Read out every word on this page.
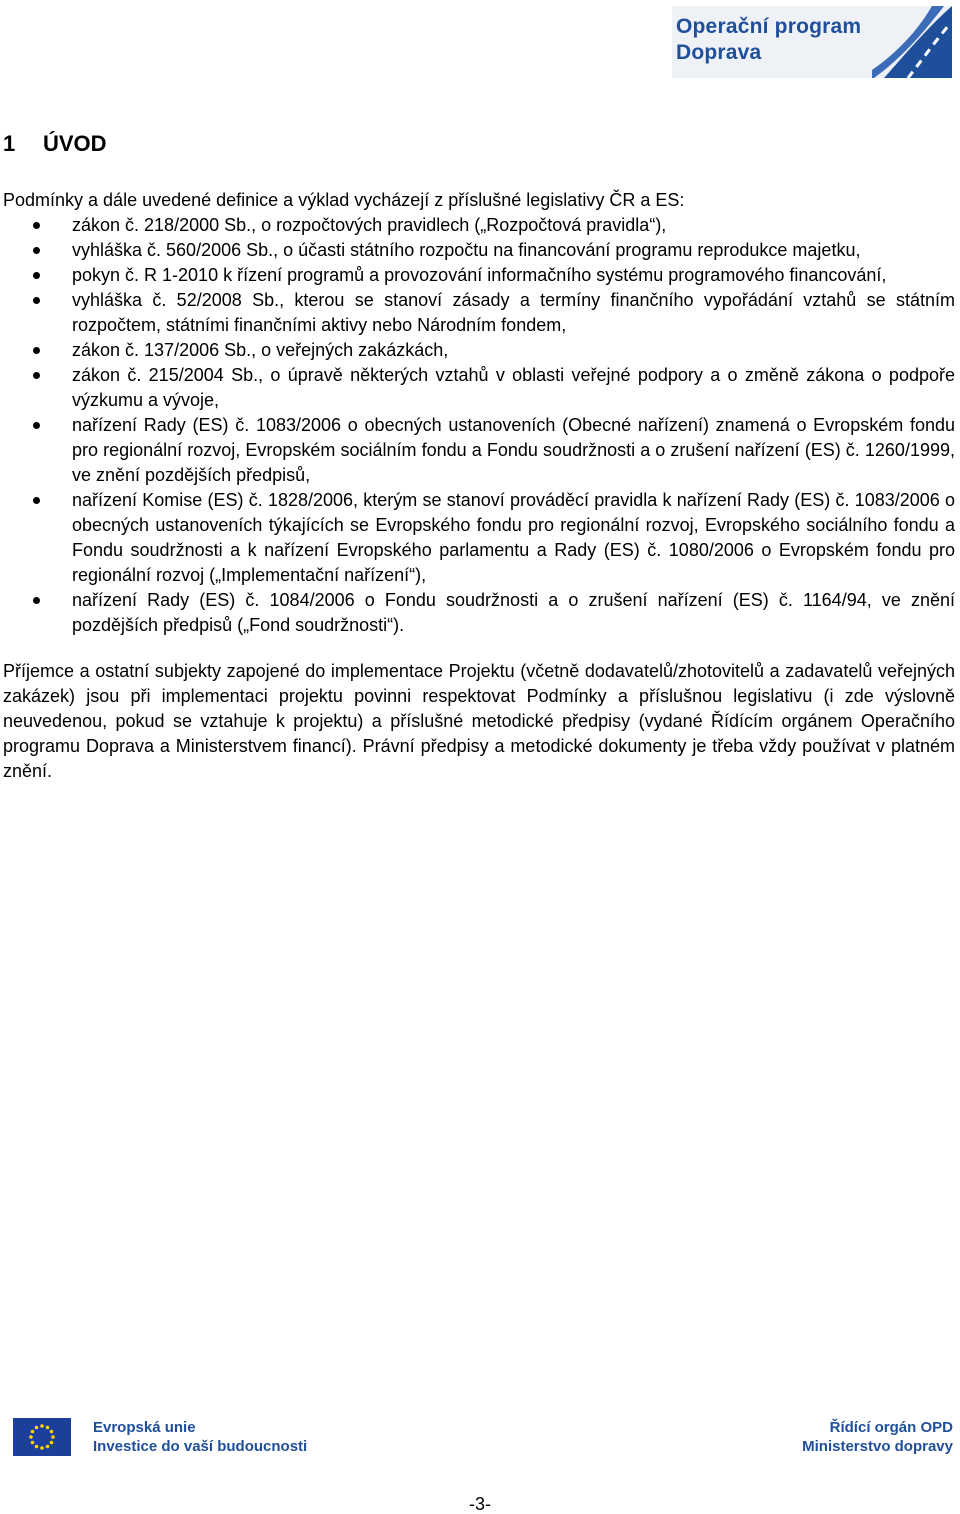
Operační program
Doprava
1 ÚVOD

Podmínky a dále uvedené definice a výklad vycházejí z příslušné legislativy ČR a ES:

zákon č. 218/2000 Sb., o rozpočtových pravidlech („Rozpočtová pravidla“),
vyhláška č. 560/2006 Sb., o účasti státního rozpočtu na financování programu reprodukce majetku,
pokyn č. R 1-2010 k řízení programů a provozování informačního systému programového financování,
vyhláška č. 52/2008 Sb., kterou se stanoví zásady a termíny finančního vypořádání vztahů se státním rozpočtem, státními finančními aktivy nebo Národním fondem,
zákon č. 137/2006 Sb., o veřejných zakázkách,
zákon č. 215/2004 Sb., o úpravě některých vztahů v oblasti veřejné podpory a o změně zákona o podpoře výzkumu a vývoje,
nařízení Rady (ES) č. 1083/2006 o obecných ustanoveních (Obecné nařízení) znamená o Evropském fondu pro regionální rozvoj, Evropském sociálním fondu a Fondu soudržnosti a o zrušení nařízení (ES) č. 1260/1999, ve znění pozdějších předpisů,
nařízení Komise (ES) č. 1828/2006, kterým se stanoví prováděcí pravidla k nařízení Rady (ES) č. 1083/2006 o obecných ustanoveních týkajících se Evropského fondu pro regionální rozvoj, Evropského sociálního fondu a Fondu soudržnosti a k nařízení Evropského parlamentu a Rady (ES) č. 1080/2006 o Evropském fondu pro regionální rozvoj („Implementační nařízení“),
nařízení Rady (ES) č. 1084/2006 o Fondu soudržnosti a o zrušení nařízení (ES) č. 1164/94, ve znění pozdějších předpisů („Fond soudržnosti“).

Příjemce a ostatní subjekty zapojené do implementace Projektu (včetně dodavatelů/zhotovitelů a zadavatelů veřejných zakázek) jsou při implementaci projektu povinni respektovat Podmínky a příslušnou legislativu (i zde výslovně neuvedenou, pokud se vztahuje k projektu) a příslušné metodické předpisy (vydané Řídícím orgánem Operačního programu Doprava a Ministerstvem financí). Právní předpisy a metodické dokumenty je třeba vždy používat v platném znění.

Evropská unie
Investice do vaší budoucnosti
Řídící orgán OPD
Ministerstvo dopravy
-3-
